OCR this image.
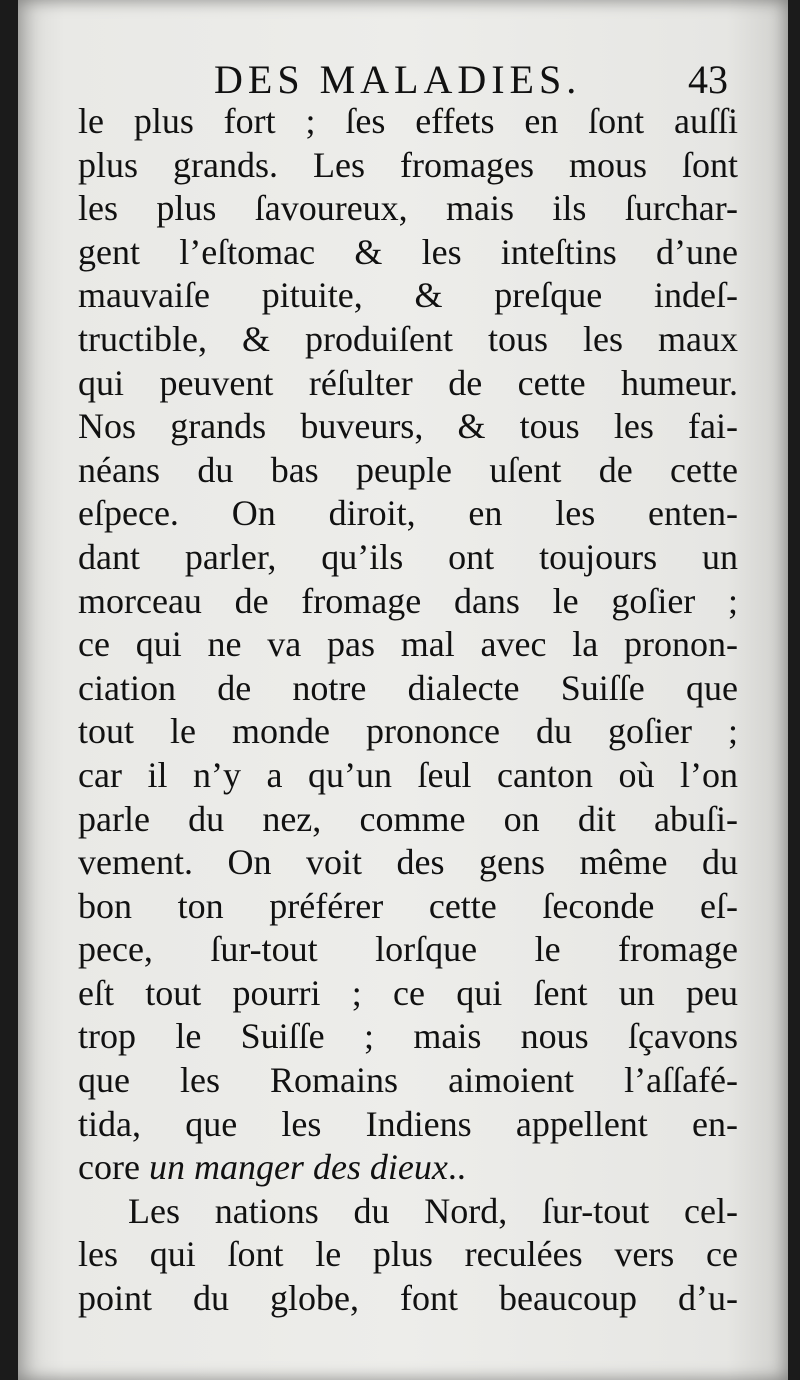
DES MALADIES.	43
le plus fort ; ſes effets en ſont auſſi
plus grands. Les fromages mous ſont
les plus ſavoureux, mais ils ſurchar-
gent l’eſtomac & les inteſtins d’une
mauvaiſe pituite, & preſque indeſ-
tructible, & produiſent tous les maux
qui peuvent réſulter de cette humeur.
Nos grands buveurs, & tous les fai-
néans du bas peuple uſent de cette
eſpece. On diroit, en les enten-
dant parler, qu’ils ont toujours un
morceau de fromage dans le goſier ;
ce qui ne va pas mal avec la pronon-
ciation de notre dialecte Suiſſe que
tout le monde prononce du goſier ;
car il n’y a qu’un ſeul canton où l’on
parle du nez, comme on dit abuſi-
vement. On voit des gens même du
bon ton préférer cette ſeconde eſ-
pece, ſur-tout lorſque le fromage
eſt tout pourri ; ce qui ſent un peu
trop le Suiſſe ; mais nous ſçavons
que les Romains aimoient l’aſſafé-
tida, que les Indiens appellent en-
core un manger des dieux..
Les nations du Nord, ſur-tout cel-
les qui ſont le plus reculées vers ce
point du globe, font beaucoup d’u-
